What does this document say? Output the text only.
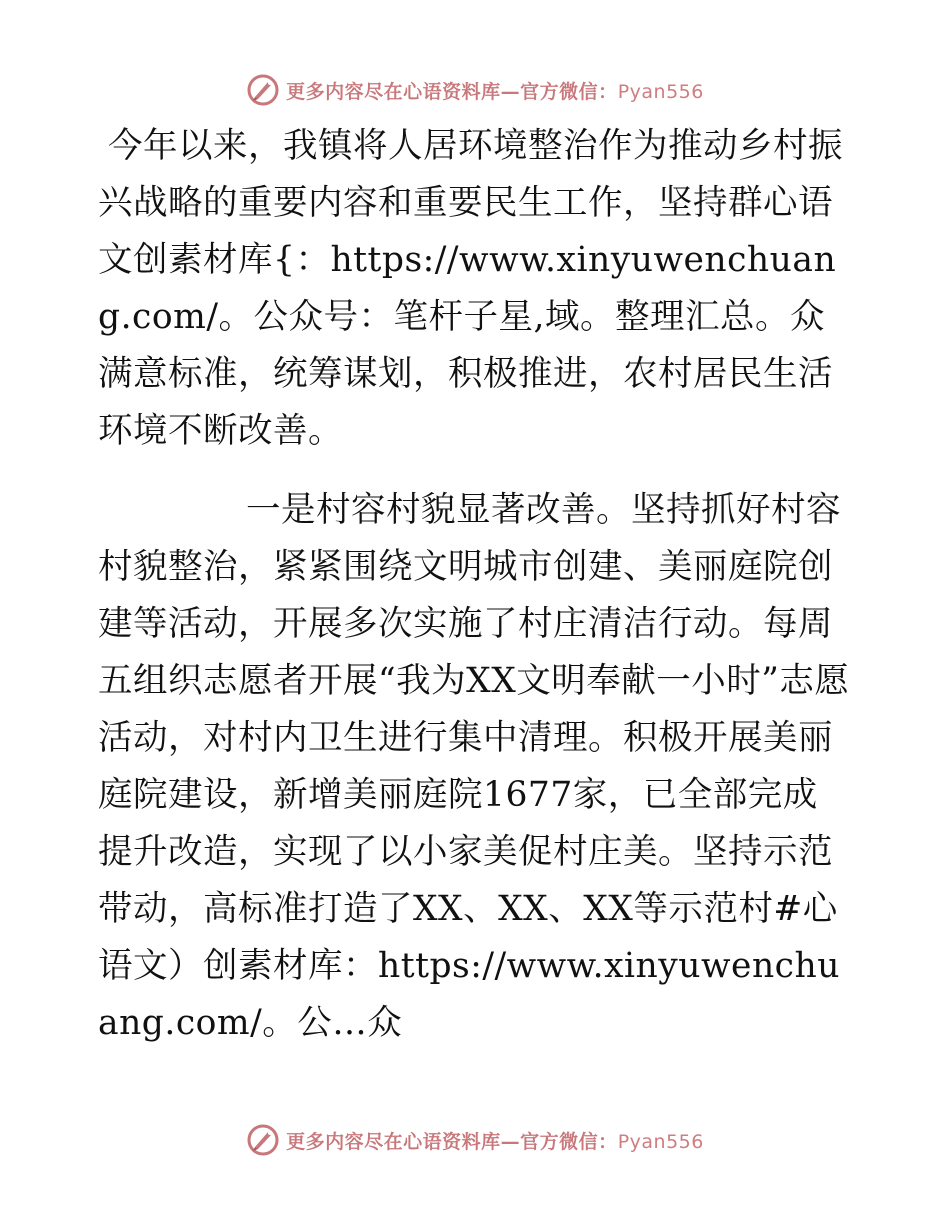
更多内容尽在心语资料库—官方微信：Pyan556

今年以来，我镇将人居环境整治作为推动乡村振兴战略的重要内容和重要民生工作，坚持群心语文创素材库{：https://www.xinyuwenchuang.com/。公众号：笔杆子星,域。整理汇总。众满意标准，统筹谋划，积极推进，农村居民生活环境不断改善。

一是村容村貌显著改善。坚持抓好村容村貌整治，紧紧围绕文明城市创建、美丽庭院创建等活动，开展多次实施了村庄清洁行动。每周五组织志愿者开展“我为XX文明奉献一小时”志愿活动，对村内卫生进行集中清理。积极开展美丽庭院建设，新增美丽庭院1677家，已全部完成提升改造，实现了以小家美促村庄美。坚持示范带动，高标准打造了XX、XX、XX等示范村#心语文）创素材库：https://www.xinyuwenchuang.com/。公…众

更多内容尽在心语资料库—官方微信：Pyan556
